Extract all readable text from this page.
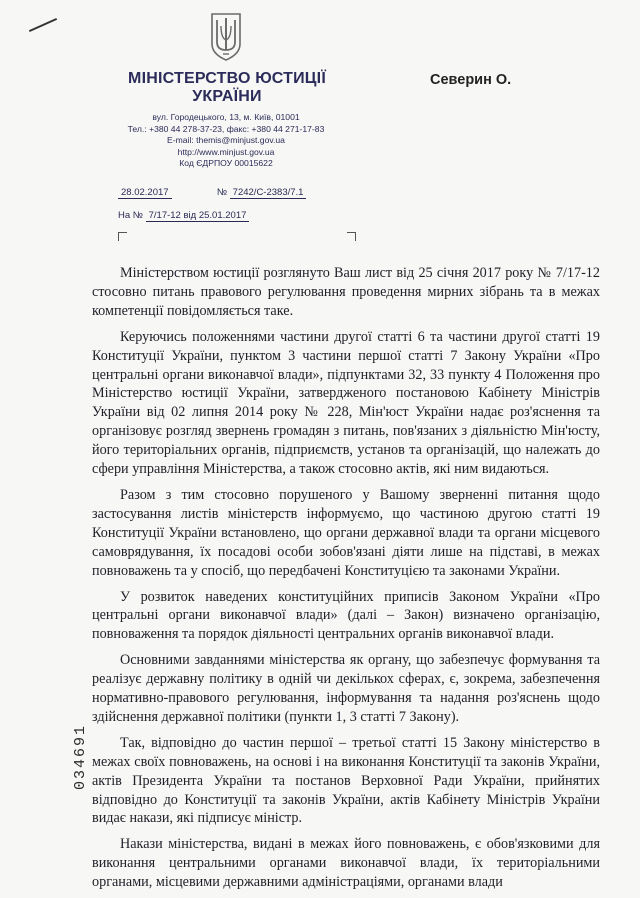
МІНІСТЕРСТВО ЮСТИЦІЇ
УКРАЇНИ
вул. Городецького, 13, м. Київ, 01001
Тел.: +380 44 278-37-23, факс: +380 44 271-17-83
E-mail: themis@minjust.gov.ua
http://www.minjust.gov.ua
Код ЄДРПОУ 00015622
Северин О.
28.02.2017	№ 7242/С-2383/7.1
На № 7/17-12 від 25.01.2017
034691

Міністерством юстиції розглянуто Ваш лист від 25 січня 2017 року № 7/17-12 стосовно питань правового регулювання проведення мирних зібрань та в межах компетенції повідомляється таке.

Керуючись положеннями частини другої статті 6 та частини другої статті 19 Конституції України, пунктом 3 частини першої статті 7 Закону України «Про центральні органи виконавчої влади», підпунктами 32, 33 пункту 4 Положення про Міністерство юстиції України, затвердженого постановою Кабінету Міністрів України від 02 липня 2014 року № 228, Мін'юст України надає роз'яснення та організовує розгляд звернень громадян з питань, пов'язаних з діяльністю Мін'юсту, його територіальних органів, підприємств, установ та організацій, що належать до сфери управління Міністерства, а також стосовно актів, які ним видаються.

Разом з тим стосовно порушеного у Вашому зверненні питання щодо застосування листів міністерств інформуємо, що частиною другою статті 19 Конституції України встановлено, що органи державної влади та органи місцевого самоврядування, їх посадові особи зобов'язані діяти лише на підставі, в межах повноважень та у спосіб, що передбачені Конституцією та законами України.

У розвиток наведених конституційних приписів Законом України «Про центральні органи виконавчої влади» (далі – Закон) визначено організацію, повноваження та порядок діяльності центральних органів виконавчої влади.

Основними завданнями міністерства як органу, що забезпечує формування та реалізує державну політику в одній чи декількох сферах, є, зокрема, забезпечення нормативно-правового регулювання, інформування та надання роз'яснень щодо здійснення державної політики (пункти 1, 3 статті 7 Закону).

Так, відповідно до частин першої – третьої статті 15 Закону міністерство в межах своїх повноважень, на основі і на виконання Конституції та законів України, актів Президента України та постанов Верховної Ради України, прийнятих відповідно до Конституції та законів України, актів Кабінету Міністрів України видає накази, які підписує міністр.

Накази міністерства, видані в межах його повноважень, є обов'язковими для виконання центральними органами виконавчої влади, їх територіальними органами, місцевими державними адміністраціями, органами влади
